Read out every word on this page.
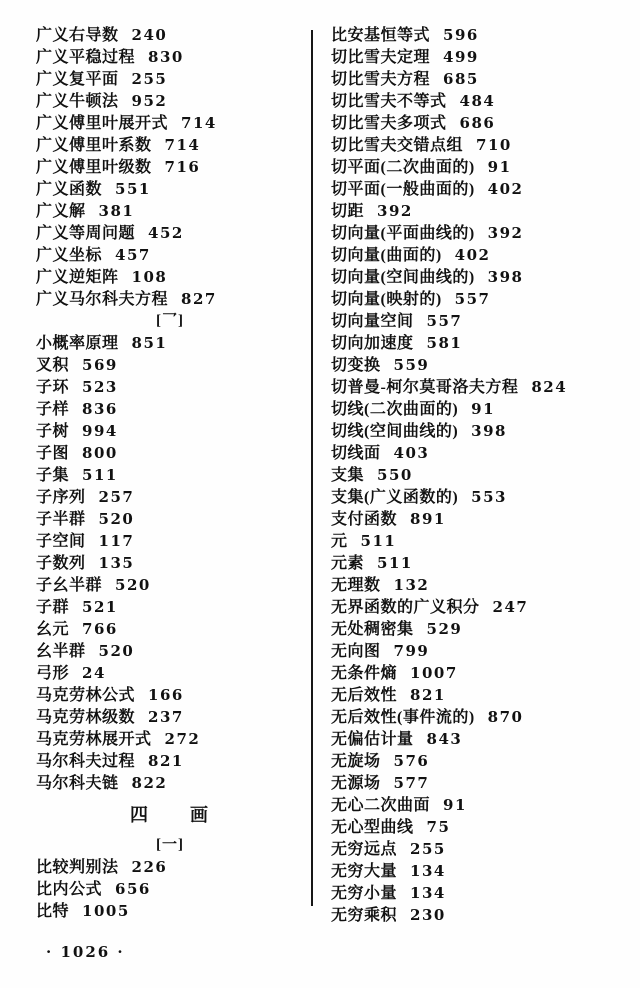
广义右导数 240
广义平稳过程 830
广义复平面 255
广义牛顿法 952
广义傅里叶展开式 714
广义傅里叶系数 714
广义傅里叶级数 716
广义函数 551
广义解 381
广义等周问题 452
广义坐标 457
广义逆矩阵 108
广义马尔科夫方程 827
[乛]
小概率原理 851
叉积 569
子环 523
子样 836
子树 994
子图 800
子集 511
子序列 257
子半群 520
子空间 117
子数列 135
子幺半群 520
子群 521
幺元 766
幺半群 520
弓形 24
马克劳林公式 166
马克劳林级数 237
马克劳林展开式 272
马尔科夫过程 821
马尔科夫链 822
四　　画
[一]
比较判别法 226
比内公式 656
比特 1005
比安基恒等式 596
切比雪夫定理 499
切比雪夫方程 685
切比雪夫不等式 484
切比雪夫多项式 686
切比雪夫交错点组 710
切平面(二次曲面的) 91
切平面(一般曲面的) 402
切距 392
切向量(平面曲线的) 392
切向量(曲面的) 402
切向量(空间曲线的) 398
切向量(映射的) 557
切向量空间 557
切向加速度 581
切变换 559
切普曼-柯尔莫哥洛夫方程 824
切线(二次曲面的) 91
切线(空间曲线的) 398
切线面 403
支集 550
支集(广义函数的) 553
支付函数 891
元 511
元素 511
无理数 132
无界函数的广义积分 247
无处稠密集 529
无向图 799
无条件熵 1007
无后效性 821
无后效性(事件流的) 870
无偏估计量 843
无旋场 576
无源场 577
无心二次曲面 91
无心型曲线 75
无穷远点 255
无穷大量 134
无穷小量 134
无穷乘积 230
· 1026 ·
